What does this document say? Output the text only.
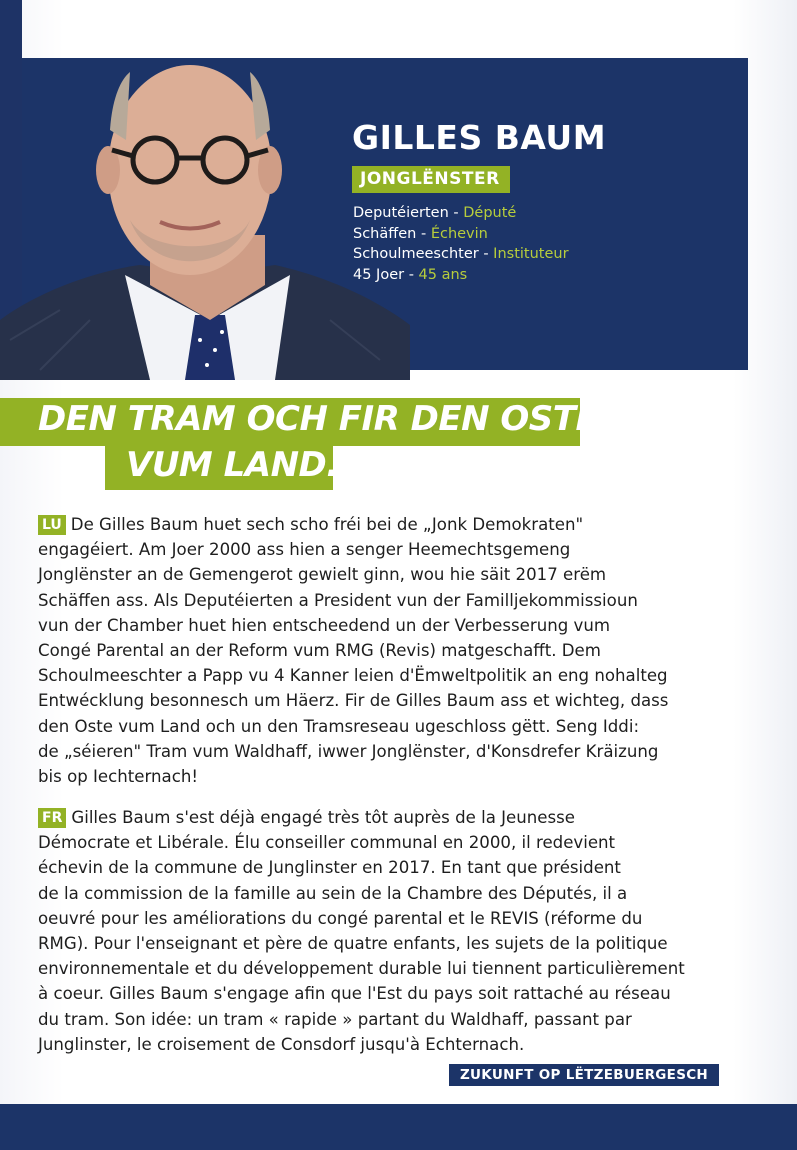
GILLES BAUM
JONGLËNSTER
Deputéierten - Député
Schäffen - Échevin
Schoulmeeschter - Instituteur
45 Joer - 45 ans
DEN TRAM OCH FIR DEN OSTE
VUM LAND.
LU De Gilles Baum huet sech scho fréi bei de „Jonk Demokraten"
engagéiert. Am Joer 2000 ass hien a senger Heemechtsgemeng
Jonglënster an de Gemengerot gewielt ginn, wou hie säit 2017 erëm
Schäffen ass. Als Deputéierten a President vun der Familljekommissioun
vun der Chamber huet hien entscheedend un der Verbesserung vum
Congé Parental an der Reform vum RMG (Revis) matgeschafft. Dem
Schoulmeeschter a Papp vu 4 Kanner leien d'Ëmweltpolitik an eng nohalteg
Entwécklung besonnesch um Häerz. Fir de Gilles Baum ass et wichteg, dass
den Oste vum Land och un den Tramsreseau ugeschloss gëtt. Seng Iddi:
de „séieren" Tram vum Waldhaff, iwwer Jonglënster, d'Konsdrefer Kräizung
bis op Iechternach!
FR Gilles Baum s'est déjà engagé très tôt auprès de la Jeunesse
Démocrate et Libérale. Élu conseiller communal en 2000, il redevient
échevin de la commune de Junglinster en 2017. En tant que président
de la commission de la famille au sein de la Chambre des Députés, il a
oeuvré pour les améliorations du congé parental et le REVIS (réforme du
RMG). Pour l'enseignant et père de quatre enfants, les sujets de la politique
environnementale et du développement durable lui tiennent particulièrement
à coeur. Gilles Baum s'engage afin que l'Est du pays soit rattaché au réseau
du tram. Son idée: un tram « rapide » partant du Waldhaff, passant par
Junglinster, le croisement de Consdorf jusqu'à Echternach.
ZUKUNFT OP LËTZEBUERGESCH
